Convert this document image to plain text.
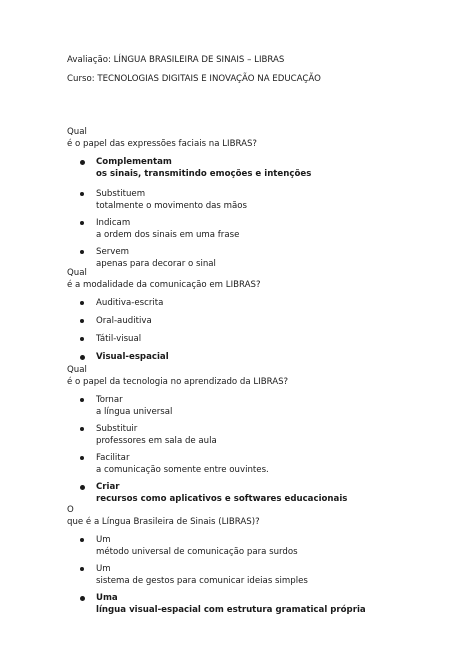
Avaliação: LÍNGUA BRASILEIRA DE SINAIS – LIBRAS

Curso: TECNOLOGIAS DIGITAIS E INOVAÇÃO NA EDUCAÇÃO

Qual
é o papel das expressões faciais na LIBRAS?

Complementam
os sinais, transmitindo emoções e intenções
Substituem
totalmente o movimento das mãos
Indicam
a ordem dos sinais em uma frase
Servem
apenas para decorar o sinal

Qual
é a modalidade da comunicação em LIBRAS?

Auditiva-escrita
Oral-auditiva
Tátil-visual
Visual-espacial

Qual
é o papel da tecnologia no aprendizado da LIBRAS?

Tornar
a língua universal
Substituir
professores em sala de aula
Facilitar
a comunicação somente entre ouvintes.
Criar
recursos como aplicativos e softwares educacionais

O
que é a Língua Brasileira de Sinais (LIBRAS)?

Um
método universal de comunicação para surdos
Um
sistema de gestos para comunicar ideias simples
Uma
língua visual-espacial com estrutura gramatical própria
